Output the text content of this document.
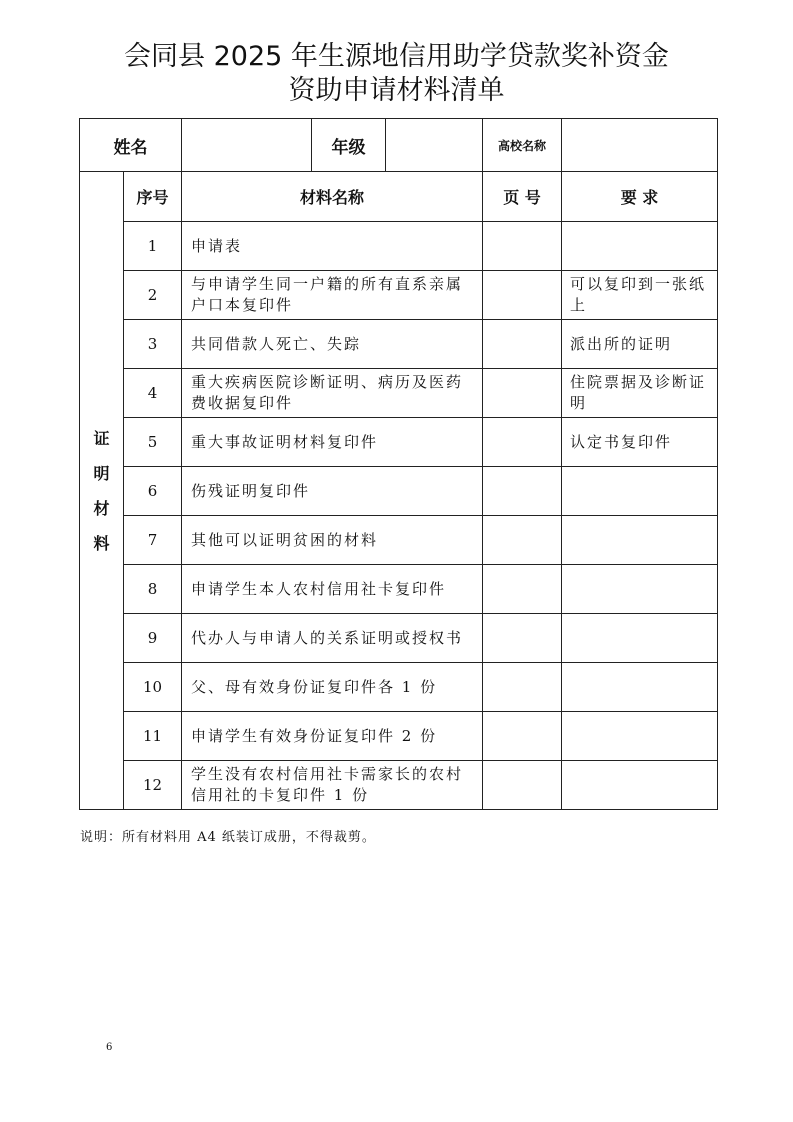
会同县 2025 年生源地信用助学贷款奖补资金
资助申请材料清单
姓名			年级		高校名称	

证
明
材
料	序号	材料名称			页 号	要 求
	1	申请表				
	2	与申请学生同一户籍的所有直系亲属户口本复印件				可以复印到一张纸上
	3	共同借款人死亡、失踪				派出所的证明
	4	重大疾病医院诊断证明、病历及医药费收据复印件				住院票据及诊断证明
	5	重大事故证明材料复印件				认定书复印件
	6	伤残证明复印件				
	7	其他可以证明贫困的材料				
	8	申请学生本人农村信用社卡复印件				
	9	代办人与申请人的关系证明或授权书				
	10	父、母有效身份证复印件各 1 份				
	11	申请学生有效身份证复印件 2 份				
	12	学生没有农村信用社卡需家长的农村信用社的卡复印件 1 份				
说明：所有材料用 A4 纸装订成册，不得裁剪。
6
